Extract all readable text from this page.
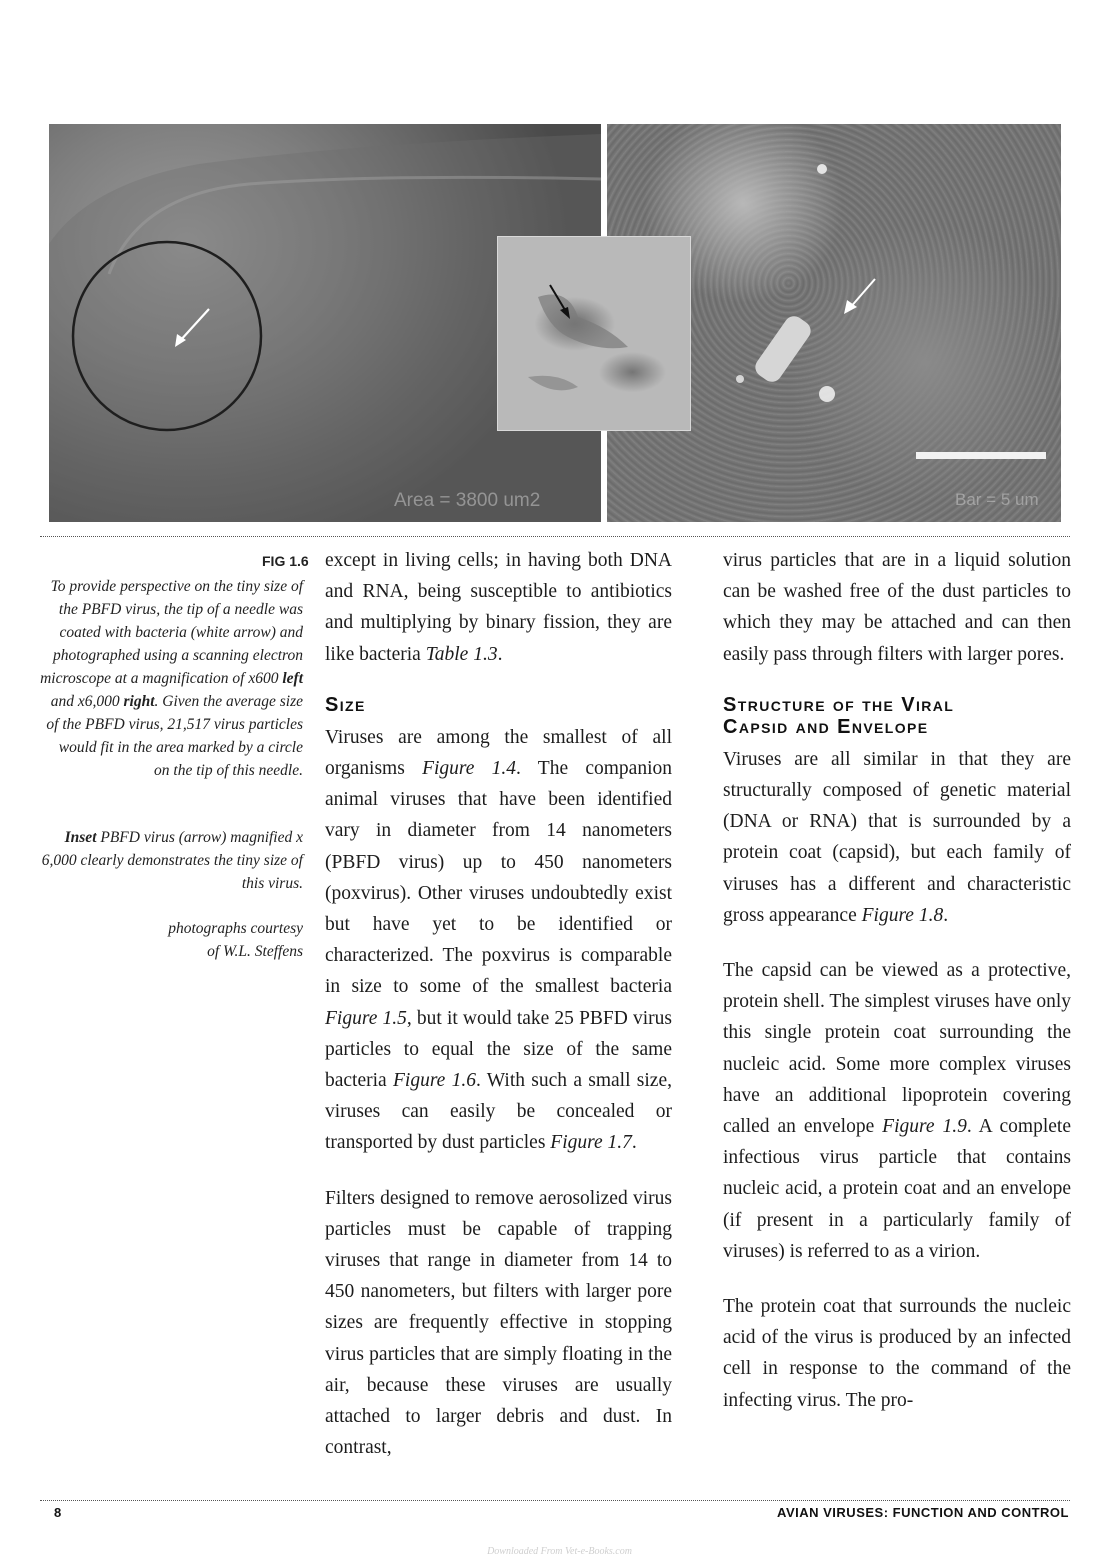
Area = 3800 um2	Bar = 5 um
FIG 1.6

To provide perspective on the tiny size of the PBFD virus, the tip of a needle was coated with bacteria (white arrow) and photographed using a scanning electron microscope at a magnification of x600 left and x6,000 right. Given the average size of the PBFD virus, 21,517 virus particles would fit in the area marked by a circle on the tip of this needle.

Inset PBFD virus (arrow) magnified x 6,000 clearly demonstrates the tiny size of this virus.

photographs courtesy
of W.L. Steffens

except in living cells; in having both DNA and RNA, being susceptible to antibiotics and multiplying by binary fission, they are like bacteria Table 1.3.

Size

Viruses are among the smallest of all organisms Figure 1.4. The companion animal viruses that have been identified vary in diameter from 14 nanometers (PBFD virus) up to 450 nanometers (poxvirus). Other viruses undoubtedly exist but have yet to be identified or characterized. The poxvirus is comparable in size to some of the smallest bacteria Figure 1.5, but it would take 25 PBFD virus particles to equal the size of the same bacteria Figure 1.6. With such a small size, viruses can easily be concealed or transported by dust particles Figure 1.7.

Filters designed to remove aerosolized virus particles must be capable of trapping viruses that range in diameter from 14 to 450 nanometers, but filters with larger pore sizes are frequently effective in stopping virus particles that are simply floating in the air, because these viruses are usually attached to larger debris and dust. In contrast,

virus particles that are in a liquid solution can be washed free of the dust particles to which they may be attached and can then easily pass through filters with larger pores.

Structure of the Viral
Capsid and Envelope

Viruses are all similar in that they are structurally composed of genetic material (DNA or RNA) that is surrounded by a protein coat (capsid), but each family of viruses has a different and characteristic gross appearance Figure 1.8.

The capsid can be viewed as a protective, protein shell. The simplest viruses have only this single protein coat surrounding the nucleic acid. Some more complex viruses have an additional lipoprotein covering called an envelope Figure 1.9. A complete infectious virus particle that contains nucleic acid, a protein coat and an envelope (if present in a particularly family of viruses) is referred to as a virion.

The protein coat that surrounds the nucleic acid of the virus is produced by an infected cell in response to the command of the infecting virus. The pro-

8	AVIAN VIRUSES: FUNCTION AND CONTROL
Downloaded From Vet-e-Books.com
